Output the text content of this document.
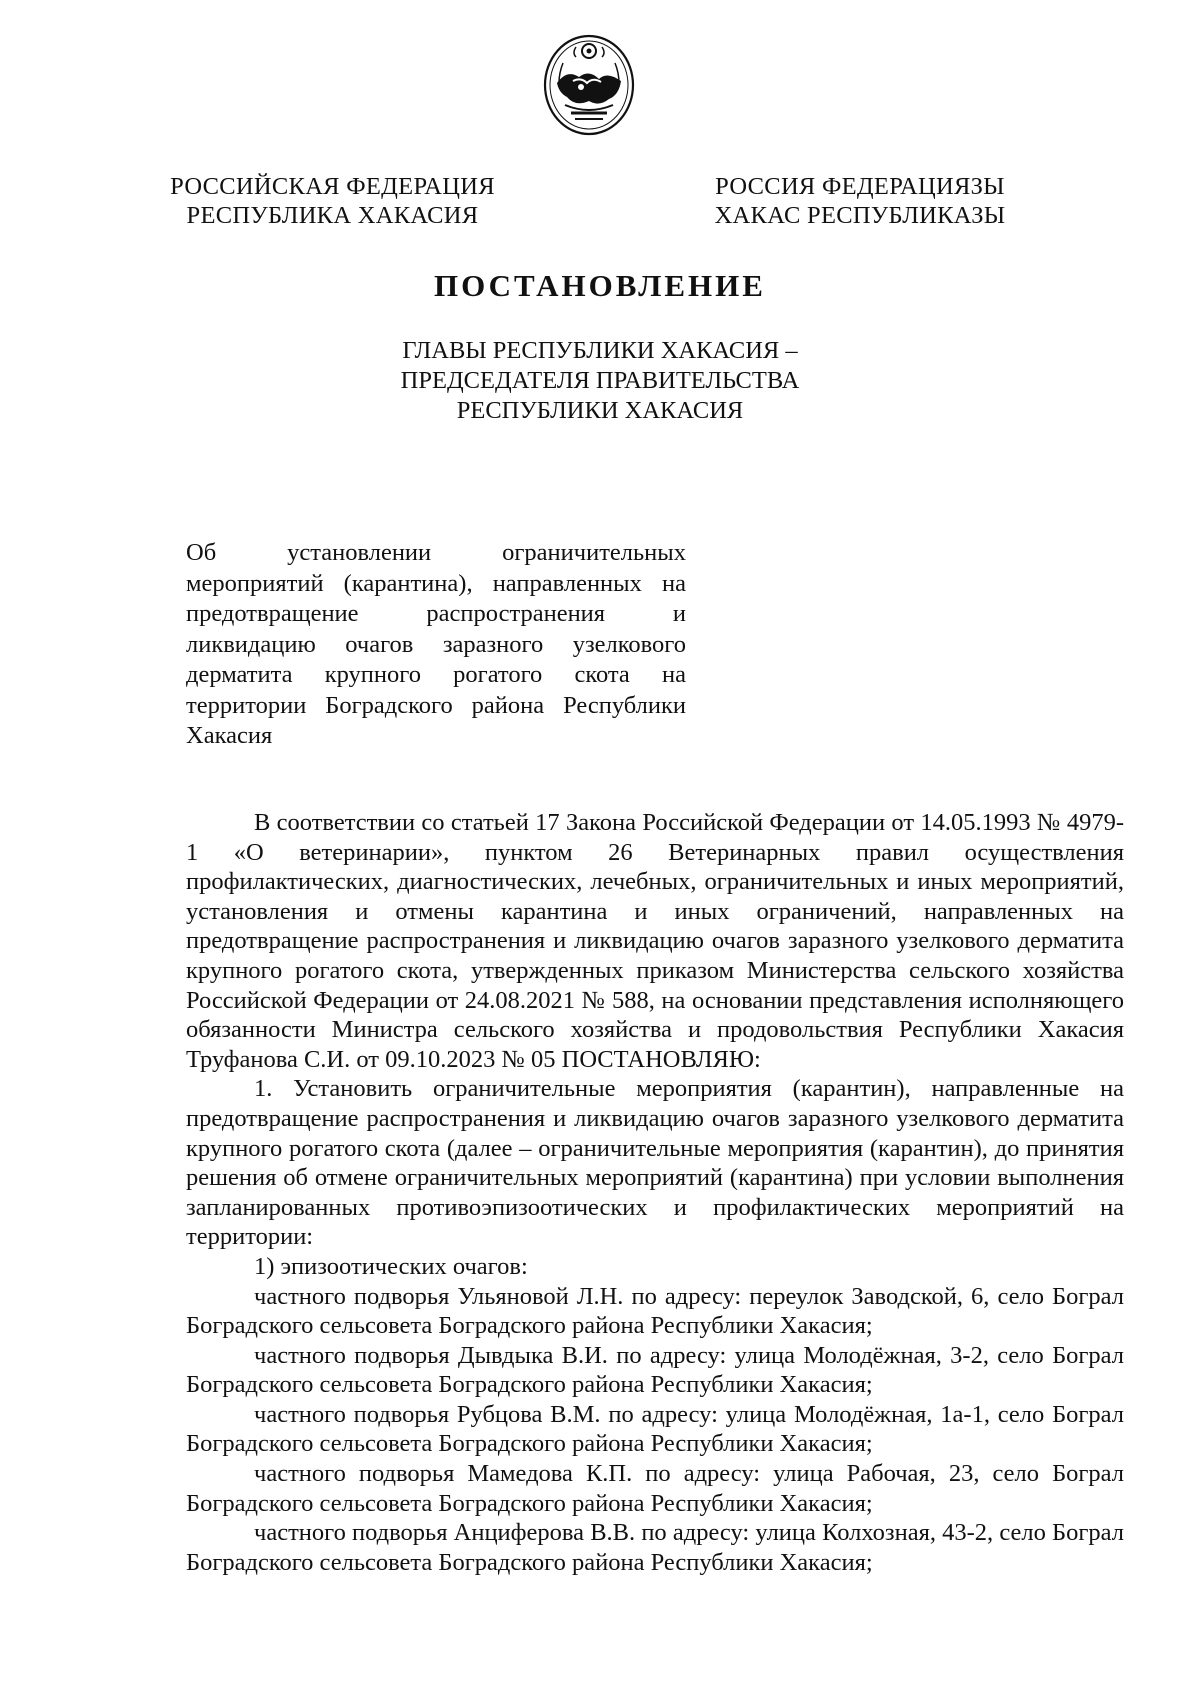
РОССИЙСКАЯ ФЕДЕРАЦИЯ
РЕСПУБЛИКА ХАКАСИЯ
РОССИЯ ФЕДЕРАЦИЯЗЫ
ХАКАС РЕСПУБЛИКАЗЫ
ПОСТАНОВЛЕНИЕ
ГЛАВЫ РЕСПУБЛИКИ ХАКАСИЯ –
ПРЕДСЕДАТЕЛЯ ПРАВИТЕЛЬСТВА
РЕСПУБЛИКИ ХАКАСИЯ
Об установлении ограничительных
мероприятий (карантина), направленных на
предотвращение распространения и
ликвидацию очагов заразного узелкового
дерматита крупного рогатого скота на
территории Боградского района Республики
Хакасия

В соответствии со статьей 17 Закона Российской Федерации от 14.05.1993 № 4979-1 «О ветеринарии», пунктом 26 Ветеринарных правил осуществления профилактических, диагностических, лечебных, ограничительных и иных мероприятий, установления и отмены карантина и иных ограничений, направленных на предотвращение распространения и ликвидацию очагов заразного узелкового дерматита крупного рогатого скота, утвержденных приказом Министерства сельского хозяйства Российской Федерации от 24.08.2021 № 588, на основании представления исполняющего обязанности Министра сельского хозяйства и продовольствия Республики Хакасия Труфанова С.И. от 09.10.2023 № 05 ПОСТАНОВЛЯЮ:

1. Установить ограничительные мероприятия (карантин), направленные на предотвращение распространения и ликвидацию очагов заразного узелкового дерматита крупного рогатого скота (далее – ограничительные мероприятия (карантин), до принятия решения об отмене ограничительных мероприятий (карантина) при условии выполнения запланированных противоэпизоотических и профилактических мероприятий на территории:

1) эпизоотических очагов:

частного подворья Ульяновой Л.Н. по адресу: переулок Заводской, 6, село Бограл Боградского сельсовета Боградского района Республики Хакасия;

частного подворья Дывдыка В.И. по адресу: улица Молодёжная, 3-2, село Бограл Боградского сельсовета Боградского района Республики Хакасия;

частного подворья Рубцова В.М. по адресу: улица Молодёжная, 1а-1, село Бограл Боградского сельсовета Боградского района Республики Хакасия;

частного подворья Мамедова К.П. по адресу: улица Рабочая, 23, село Бограл Боградского сельсовета Боградского района Республики Хакасия;

частного подворья Анциферова В.В. по адресу: улица Колхозная, 43-2, село Бограл Боградского сельсовета Боградского района Республики Хакасия;
